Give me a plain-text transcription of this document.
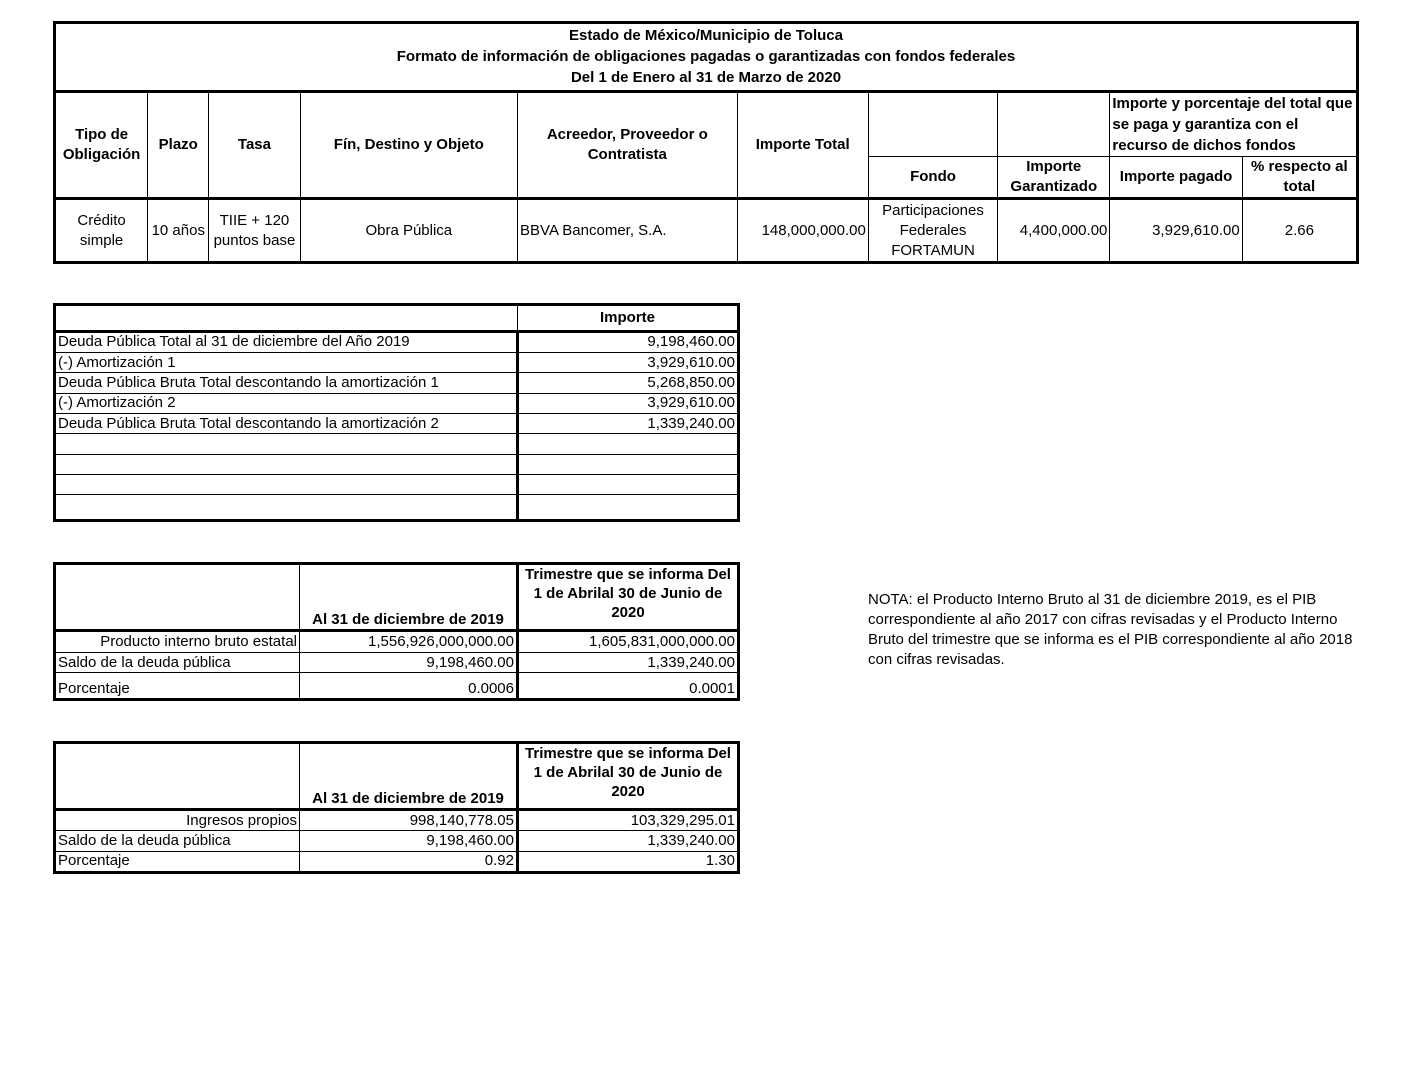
Estado de México/Municipio de Toluca
Formato de información de obligaciones pagadas o garantizadas con fondos federales
Del 1 de Enero al 31 de Marzo de 2020									

Tipo de Obligación	Plazo	Tasa	Fín, Destino y Objeto	Acreedor, Proveedor o Contratista	Importe Total			Importe y porcentaje del total que se paga y garantiza con el recurso de dichos fondos	
						Fondo	Importe Garantizado	Importe pagado	% respecto al total
Crédito simple	10 años	TIIE + 120 puntos base	Obra Pública	BBVA Bancomer, S.A.	148,000,000.00	Participaciones Federales FORTAMUN	4,400,000.00	3,929,610.00	2.66
	Importe
Deuda Pública Total al 31 de diciembre del Año 2019	9,198,460.00
(-) Amortización 1	3,929,610.00
Deuda Pública Bruta Total descontando la amortización 1	5,268,850.00
(-) Amortización 2	3,929,610.00
Deuda Pública Bruta Total descontando la amortización 2	1,339,240.00

	Al 31 de diciembre de 2019	Trimestre que se informa Del 1 de Abrilal 30 de Junio de 2020
Producto interno bruto estatal	1,556,926,000,000.00	1,605,831,000,000.00
Saldo de la deuda pública	9,198,460.00	1,339,240.00
Porcentaje	0.0006	0.0001
	Al 31 de diciembre de 2019	Trimestre que se informa Del 1 de Abrilal 30 de Junio de 2020
Ingresos propios	998,140,778.05	103,329,295.01
Saldo de la deuda pública	9,198,460.00	1,339,240.00
Porcentaje	0.92	1.30
NOTA: el Producto Interno Bruto al 31 de diciembre 2019, es el PIB correspondiente al año 2017 con cifras revisadas y el Producto Interno Bruto del trimestre que se informa es el PIB correspondiente al año 2018 con cifras revisadas.
